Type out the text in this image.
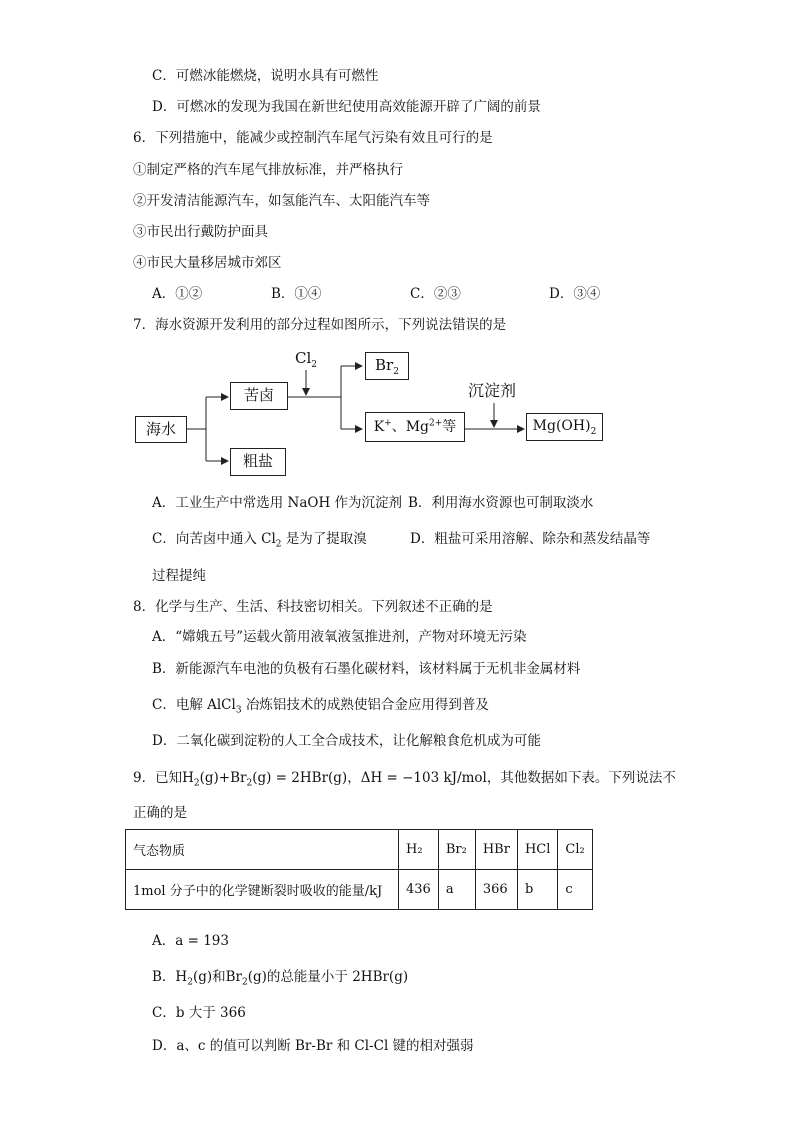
C．可燃冰能燃烧，说明水具有可燃性
D．可燃冰的发现为我国在新世纪使用高效能源开辟了广阔的前景
6．下列措施中，能减少或控制汽车尾气污染有效且可行的是
①制定严格的汽车尾气排放标准，并严格执行
②开发清洁能源汽车，如氢能汽车、太阳能汽车等
③市民出行戴防护面具
④市民大量移居城市郊区
A．①②	B．①④	C．②③	D．③④
7．海水资源开发利用的部分过程如图所示，下列说法错误的是
海水
苦卤
粗盐
$Cl_2$	$Br_2$
K+、$Mg^{2+}$等
沉淀剂
$Mg(OH)_2$
A．工业生产中常选用 NaOH 作为沉淀剂 B．利用海水资源也可制取淡水
C．向苦卤中通入 $Cl_2$ 是为了提取溴	D．粗盐可采用溶解、除杂和蒸发结晶等
过程提纯
8．化学与生产、生活、科技密切相关。下列叙述不正确的是
A．“嫦娥五号”运载火箭用液氧液氢推进剂，产物对环境无污染
B．新能源汽车电池的负极有石墨化碳材料，该材料属于无机非金属材料
C．电解 AlCl$_3$ 冶炼铝技术的成熟使铝合金应用得到普及
D．二氧化碳到淀粉的人工全合成技术，让化解粮食危机成为可能
9．已知$H_2(g)+Br_2(g) = 2HBr(g)$，ΔH = −103 kJ/mol，其他数据如下表。下列说法不
正确的是
气态物质	H₂	Br₂	HBr	HCl	Cl₂
1mol 分子中的化学键断裂时吸收的能量/kJ	436	a	366	b	c
A．a = 193
B．$H_2(g)$和$Br_2(g)$的总能量小于 2HBr(g)
C．b 大于 366
D．a、c 的值可以判断 Br-Br 和 Cl-Cl 键的相对强弱
